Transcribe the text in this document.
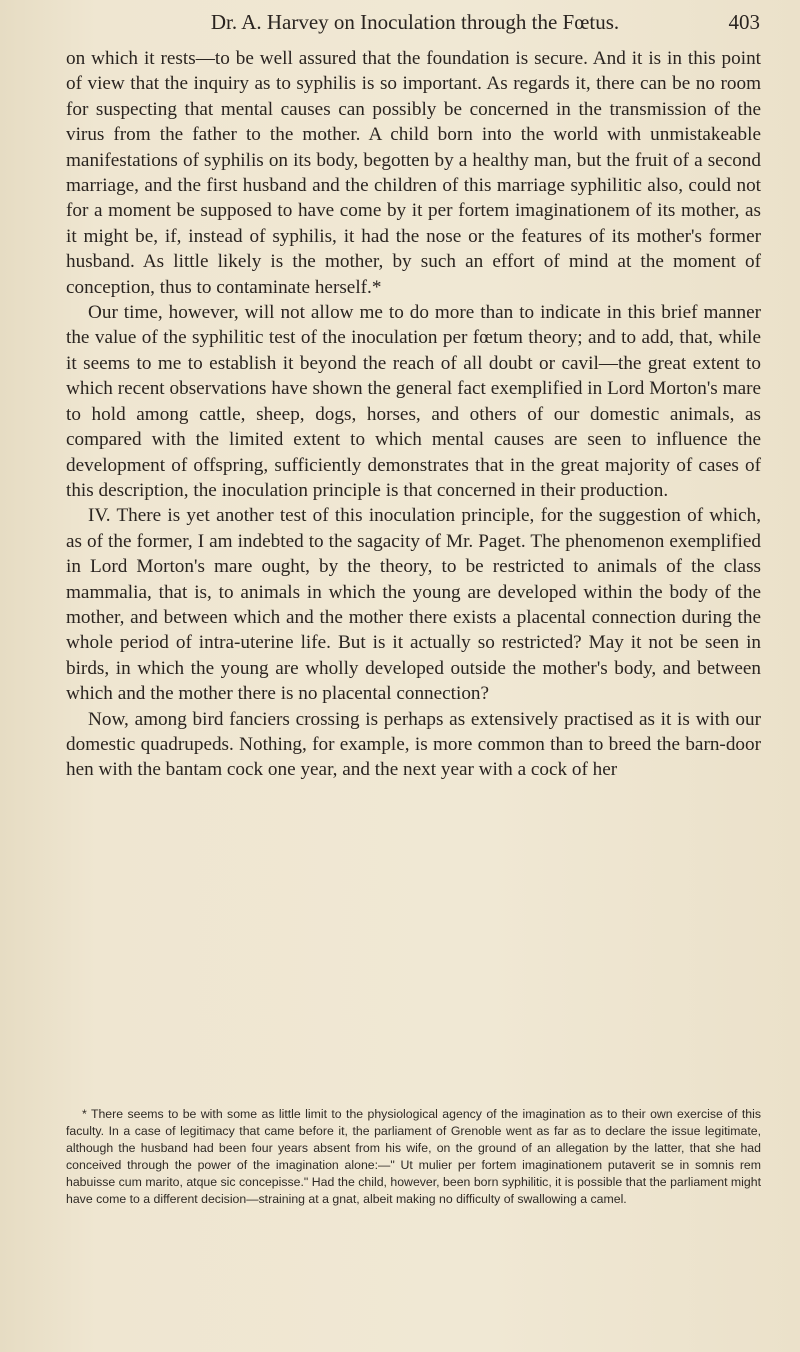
Dr. A. Harvey on Inoculation through the Fœtus.	403

on which it rests—to be well assured that the foundation is secure. And it is in this point of view that the inquiry as to syphilis is so important. As regards it, there can be no room for suspecting that mental causes can possibly be concerned in the transmission of the virus from the father to the mother. A child born into the world with unmistakeable manifestations of syphilis on its body, begotten by a healthy man, but the fruit of a second marriage, and the first husband and the children of this marriage syphilitic also, could not for a moment be supposed to have come by it per fortem imaginationem of its mother, as it might be, if, instead of syphilis, it had the nose or the features of its mother's former husband. As little likely is the mother, by such an effort of mind at the moment of conception, thus to contaminate herself.*

Our time, however, will not allow me to do more than to indicate in this brief manner the value of the syphilitic test of the inoculation per fœtum theory; and to add, that, while it seems to me to establish it beyond the reach of all doubt or cavil—the great extent to which recent observations have shown the general fact exemplified in Lord Morton's mare to hold among cattle, sheep, dogs, horses, and others of our domestic animals, as compared with the limited extent to which mental causes are seen to influence the development of offspring, sufficiently demonstrates that in the great majority of cases of this description, the inoculation principle is that concerned in their production.

IV. There is yet another test of this inoculation principle, for the suggestion of which, as of the former, I am indebted to the sagacity of Mr. Paget. The phenomenon exemplified in Lord Morton's mare ought, by the theory, to be restricted to animals of the class mammalia, that is, to animals in which the young are developed within the body of the mother, and between which and the mother there exists a placental connection during the whole period of intra-uterine life. But is it actually so restricted? May it not be seen in birds, in which the young are wholly developed outside the mother's body, and between which and the mother there is no placental connection?

Now, among bird fanciers crossing is perhaps as extensively practised as it is with our domestic quadrupeds. Nothing, for example, is more common than to breed the barn-door hen with the bantam cock one year, and the next year with a cock of her

* There seems to be with some as little limit to the physiological agency of the imagination as to their own exercise of this faculty. In a case of legitimacy that came before it, the parliament of Grenoble went as far as to declare the issue legitimate, although the husband had been four years absent from his wife, on the ground of an allegation by the latter, that she had conceived through the power of the imagination alone:—" Ut mulier per fortem imaginationem putaverit se in somnis rem habuisse cum marito, atque sic concepisse." Had the child, however, been born syphilitic, it is possible that the parliament might have come to a different decision—straining at a gnat, albeit making no difficulty of swallowing a camel.
